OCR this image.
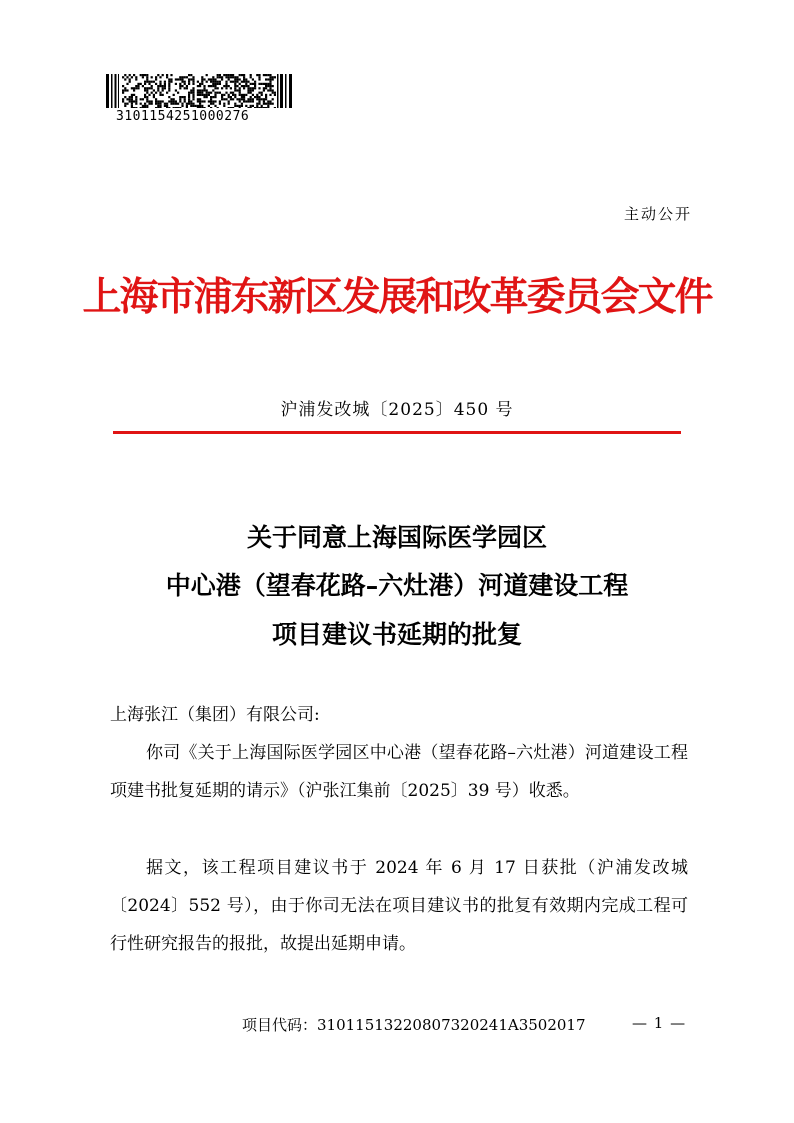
3101154251000276
主动公开
上海市浦东新区发展和改革委员会文件
沪浦发改城〔2025〕450 号
关于同意上海国际医学园区
中心港（望春花路–六灶港）河道建设工程
项目建议书延期的批复
上海张江（集团）有限公司:
你司《关于上海国际医学园区中心港（望春花路–六灶港）河道建设工程项建书批复延期的请示》（沪张江集前〔2025〕39 号）收悉。
据文，该工程项目建议书于 2024 年 6 月 17 日获批（沪浦发改城〔2024〕552 号），由于你司无法在项目建议书的批复有效期内完成工程可行性研究报告的报批，故提出延期申请。
项目代码：31011513220807320241A3502017	— 1 —
